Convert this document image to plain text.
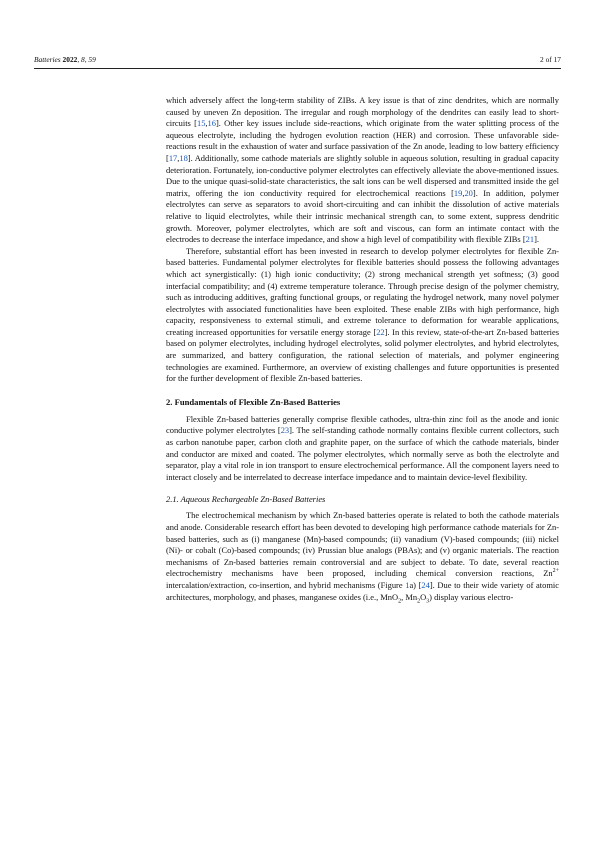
Batteries 2022, 8, 59	2 of 17

which adversely affect the long-term stability of ZIBs. A key issue is that of zinc dendrites, which are normally caused by uneven Zn deposition. The irregular and rough morphology of the dendrites can easily lead to short-circuits [15,16]. Other key issues include side-reactions, which originate from the water splitting process of the aqueous electrolyte, including the hydrogen evolution reaction (HER) and corrosion. These unfavorable side-reactions result in the exhaustion of water and surface passivation of the Zn anode, leading to low battery efficiency [17,18]. Additionally, some cathode materials are slightly soluble in aqueous solution, resulting in gradual capacity deterioration. Fortunately, ion-conductive polymer electrolytes can effectively alleviate the above-mentioned issues. Due to the unique quasi-solid-state characteristics, the salt ions can be well dispersed and transmitted inside the gel matrix, offering the ion conductivity required for electrochemical reactions [19,20]. In addition, polymer electrolytes can serve as separators to avoid short-circuiting and can inhibit the dissolution of active materials relative to liquid electrolytes, while their intrinsic mechanical strength can, to some extent, suppress dendritic growth. Moreover, polymer electrolytes, which are soft and viscous, can form an intimate contact with the electrodes to decrease the interface impedance, and show a high level of compatibility with flexible ZIBs [21].

Therefore, substantial effort has been invested in research to develop polymer electrolytes for flexible Zn-based batteries. Fundamental polymer electrolytes for flexible batteries should possess the following advantages which act synergistically: (1) high ionic conductivity; (2) strong mechanical strength yet softness; (3) good interfacial compatibility; and (4) extreme temperature tolerance. Through precise design of the polymer chemistry, such as introducing additives, grafting functional groups, or regulating the hydrogel network, many novel polymer electrolytes with associated functionalities have been exploited. These enable ZIBs with high performance, high capacity, responsiveness to external stimuli, and extreme tolerance to deformation for wearable applications, creating increased opportunities for versatile energy storage [22]. In this review, state-of-the-art Zn-based batteries based on polymer electrolytes, including hydrogel electrolytes, solid polymer electrolytes, and hybrid electrolytes, are summarized, and battery configuration, the rational selection of materials, and polymer engineering technologies are examined. Furthermore, an overview of existing challenges and future opportunities is presented for the further development of flexible Zn-based batteries.

2. Fundamentals of Flexible Zn-Based Batteries

Flexible Zn-based batteries generally comprise flexible cathodes, ultra-thin zinc foil as the anode and ionic conductive polymer electrolytes [23]. The self-standing cathode normally contains flexible current collectors, such as carbon nanotube paper, carbon cloth and graphite paper, on the surface of which the cathode materials, binder and conductor are mixed and coated. The polymer electrolytes, which normally serve as both the electrolyte and separator, play a vital role in ion transport to ensure electrochemical performance. All the component layers need to interact closely and be interrelated to decrease interface impedance and to maintain device-level flexibility.

2.1. Aqueous Rechargeable Zn-Based Batteries

The electrochemical mechanism by which Zn-based batteries operate is related to both the cathode materials and anode. Considerable research effort has been devoted to developing high performance cathode materials for Zn-based batteries, such as (i) manganese (Mn)-based compounds; (ii) vanadium (V)-based compounds; (iii) nickel (Ni)- or cobalt (Co)-based compounds; (iv) Prussian blue analogs (PBAs); and (v) organic materials. The reaction mechanisms of Zn-based batteries remain controversial and are subject to debate. To date, several reaction electrochemistry mechanisms have been proposed, including chemical conversion reactions, $Zn^{2+}$ intercalation/extraction, co-insertion, and hybrid mechanisms (Figure 1a) [24]. Due to their wide variety of atomic architectures, morphology, and phases, manganese oxides (i.e., MnO$_2$, $Mn_2O_3$) display various electro-
